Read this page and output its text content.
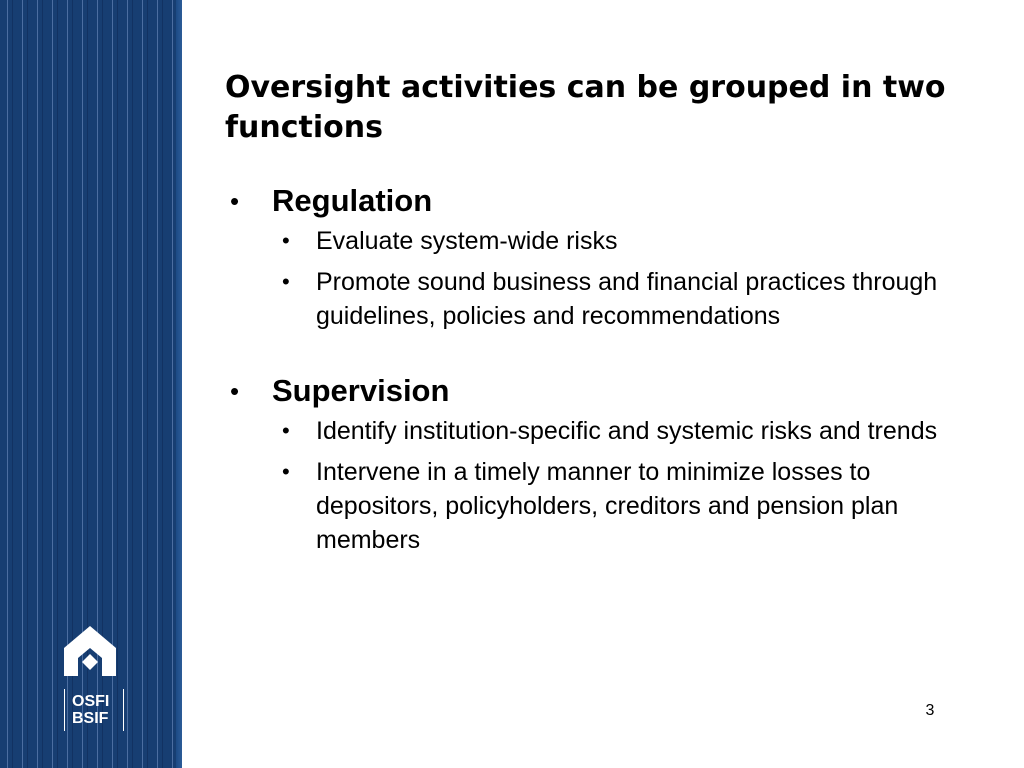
OSFI
BSIF
Oversight activities can be grouped in two functions
• Regulation
• Evaluate system-wide risks
• Promote sound business and financial practices through guidelines, policies and recommendations
• Supervision
• Identify institution-specific and systemic risks and trends
• Intervene in a timely manner to minimize losses to depositors, policyholders, creditors and pension plan members
3
